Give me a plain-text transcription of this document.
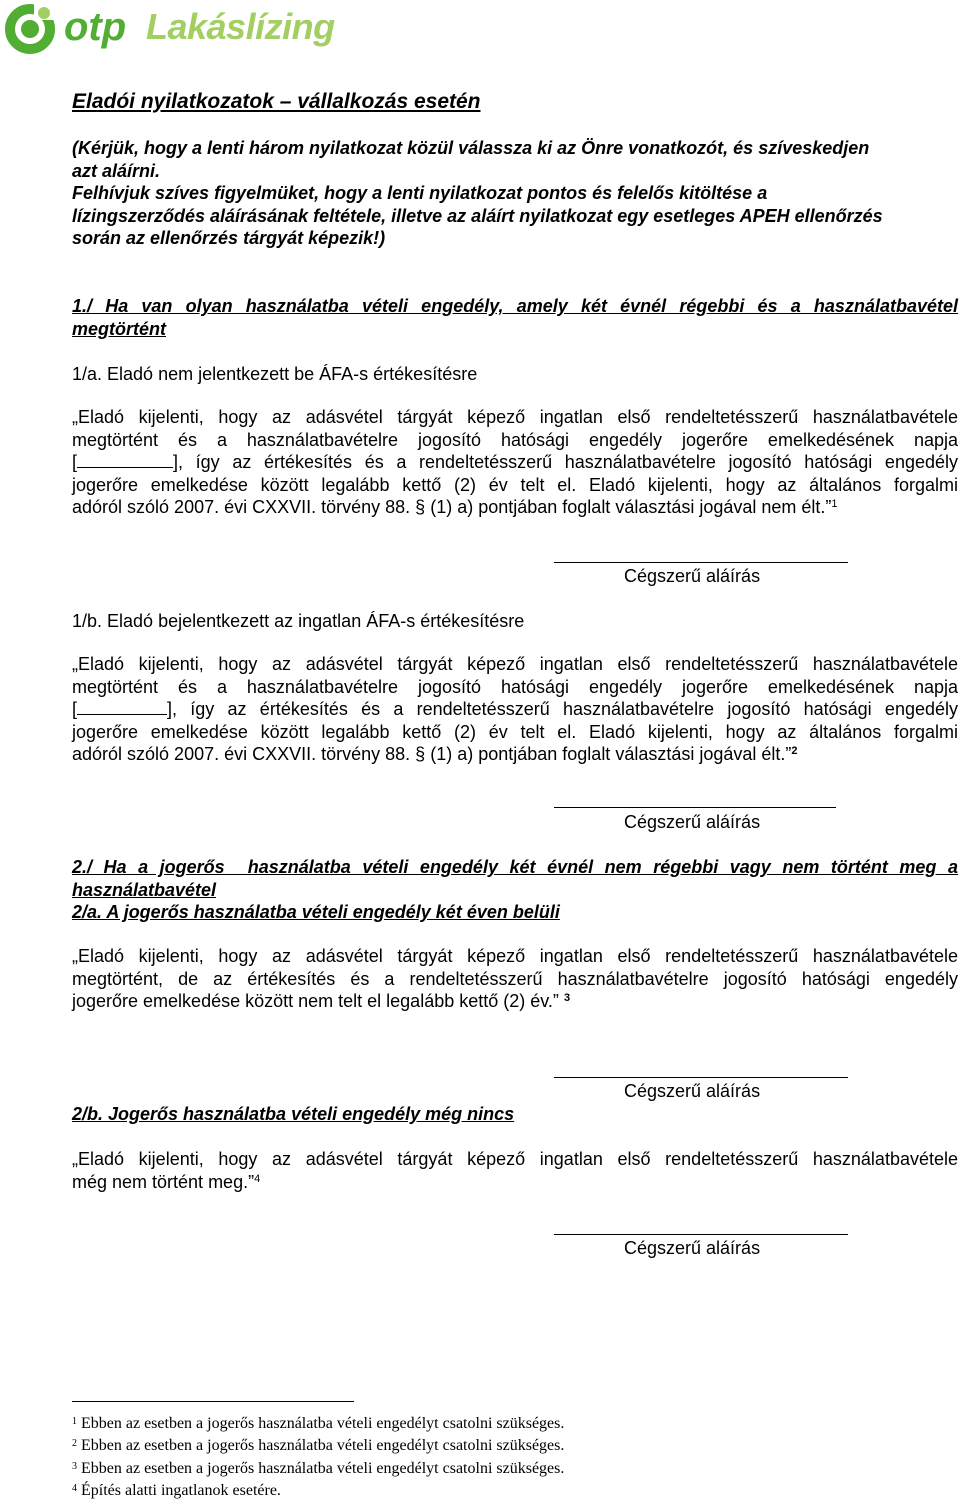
otp Lakáslízing
Eladói nyilatkozatok – vállalkozás esetén
(Kérjük, hogy a lenti három nyilatkozat közül válassza ki az Önre vonatkozót, és szíveskedjen
azt aláírni.
Felhívjuk szíves figyelmüket, hogy a lenti nyilatkozat pontos és felelős kitöltése a
lízingszerződés aláírásának feltétele, illetve az aláírt nyilatkozat egy esetleges APEH ellenőrzés
során az ellenőrzés tárgyát képezik!)
1./ Ha van olyan használatba vételi engedély, amely két évnél régebbi és a használatbavétel
megtörtént
1/a. Eladó nem jelentkezett be ÁFA-s értékesítésre
„Eladó kijelenti, hogy az adásvétel tárgyát képező ingatlan első rendeltetésszerű használatbavétele
megtörtént és a használatbavételre jogosító hatósági engedély jogerőre emelkedésének napja
[	], így az értékesítés és a rendeltetésszerű használatbavételre jogosító hatósági engedély
jogerőre emelkedése között legalább kettő (2) év telt el. Eladó kijelenti, hogy az általános forgalmi
adóról szóló 2007. évi CXXVII. törvény 88. § (1) a) pontjában foglalt választási jogával nem élt.”$^1$
Cégszerű aláírás
1/b. Eladó bejelentkezett az ingatlan ÁFA-s értékesítésre
„Eladó kijelenti, hogy az adásvétel tárgyát képező ingatlan első rendeltetésszerű használatbavétele
megtörtént és a használatbavételre jogosító hatósági engedély jogerőre emelkedésének napja
[	], így az értékesítés és a rendeltetésszerű használatbavételre jogosító hatósági engedély
jogerőre emelkedése között legalább kettő (2) év telt el. Eladó kijelenti, hogy az általános forgalmi
adóról szóló 2007. évi CXXVII. törvény 88. § (1) a) pontjában foglalt választási jogával élt.”$^2$
Cégszerű aláírás
2./ Ha a jogerős  használatba vételi engedély két évnél nem régebbi vagy nem történt meg a
használatbavétel
2/a. A jogerős használatba vételi engedély két éven belüli
„Eladó kijelenti, hogy az adásvétel tárgyát képező ingatlan első rendeltetésszerű használatbavétele
megtörtént, de az értékesítés és a rendeltetésszerű használatbavételre jogosító hatósági engedély
jogerőre emelkedése között nem telt el legalább kettő (2) év.” $^3$
Cégszerű aláírás
2/b. Jogerős használatba vételi engedély még nincs
„Eladó kijelenti, hogy az adásvétel tárgyát képező ingatlan első rendeltetésszerű használatbavétele
még nem történt meg.”$^4$
Cégszerű aláírás
$^1$ Ebben az esetben a jogerős használatba vételi engedélyt csatolni szükséges.
$^2$ Ebben az esetben a jogerős használatba vételi engedélyt csatolni szükséges.
$^3$ Ebben az esetben a jogerős használatba vételi engedélyt csatolni szükséges.
$^4$ Építés alatti ingatlanok esetére.
